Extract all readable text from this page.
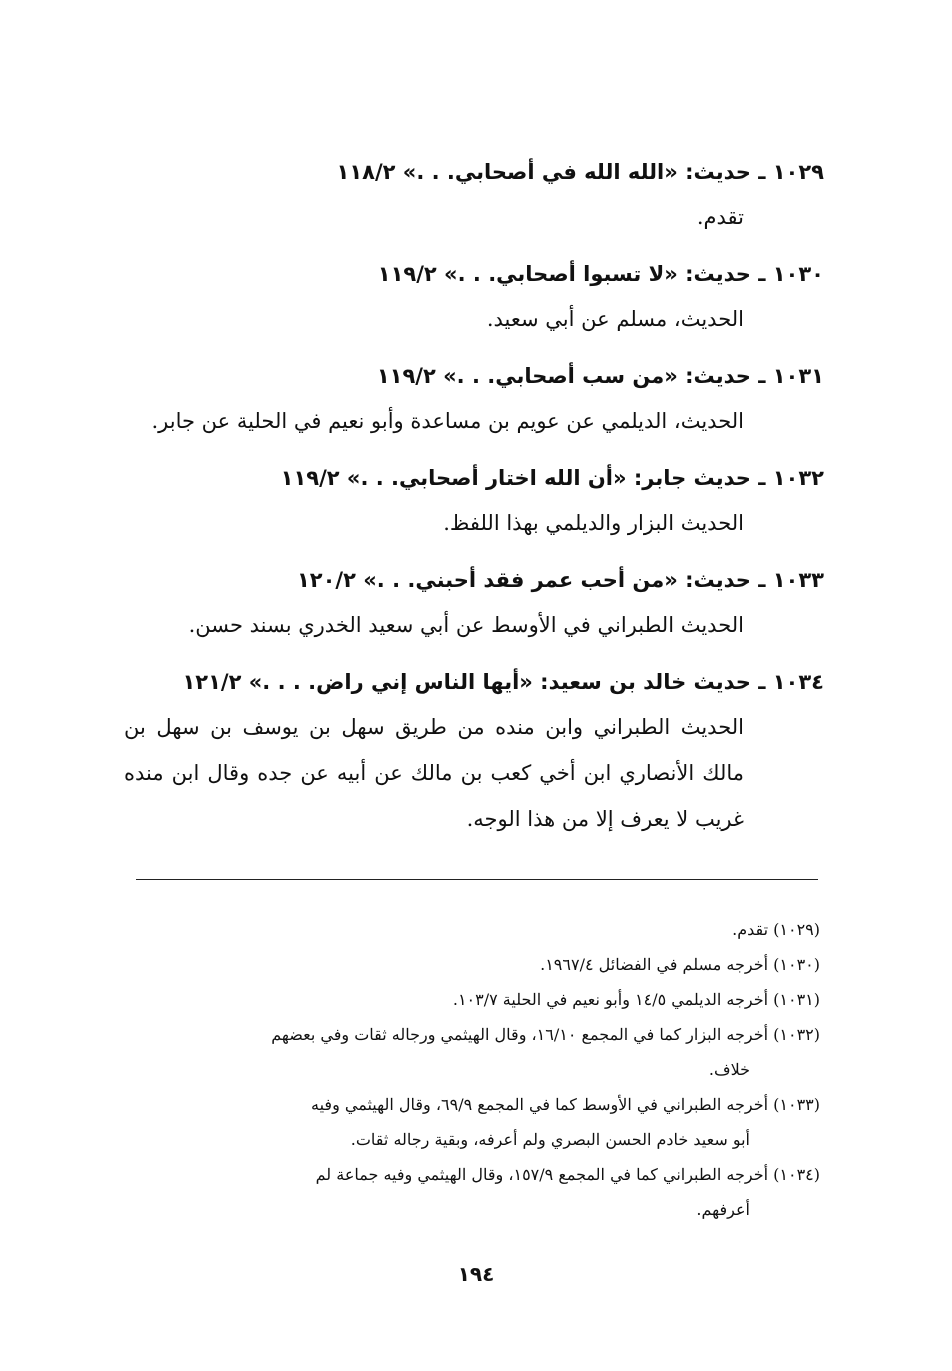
١٠٢٩ ـ حديث: «الله الله في أصحابي. . .» ١١٨/٢
تقدم.
١٠٣٠ ـ حديث: «لا تسبوا أصحابي. . .» ١١٩/٢
الحديث، مسلم عن أبي سعيد.
١٠٣١ ـ حديث: «من سب أصحابي. . .» ١١٩/٢
الحديث، الديلمي عن عويم بن مساعدة وأبو نعيم في الحلية عن جابر.
١٠٣٢ ـ حديث جابر: «أن الله اختار أصحابي. . .» ١١٩/٢
الحديث البزار والديلمي بهذا اللفظ.
١٠٣٣ ـ حديث: «من أحب عمر فقد أحبني. . .» ١٢٠/٢
الحديث الطبراني في الأوسط عن أبي سعيد الخدري بسند حسن.
١٠٣٤ ـ حديث خالد بن سعيد: «أيها الناس إني راض. . . .» ١٢١/٢
الحديث الطبراني وابن منده من طريق سهل بن يوسف بن سهل بن مالك الأنصاري ابن أخي كعب بن مالك عن أبيه عن جده وقال ابن منده غريب لا يعرف إلا من هذا الوجه.
(١٠٢٩) تقدم.
(١٠٣٠) أخرجه مسلم في الفضائل ١٩٦٧/٤.
(١٠٣١) أخرجه الديلمي ١٤/٥ وأبو نعيم في الحلية ١٠٣/٧.
(١٠٣٢) أخرجه البزار كما في المجمع ١٦/١٠، وقال الهيثمي ورجاله ثقات وفي بعضهم
خلاف.
(١٠٣٣) أخرجه الطبراني في الأوسط كما في المجمع ٦٩/٩، وقال الهيثمي وفيه
أبو سعيد خادم الحسن البصري ولم أعرفه، وبقية رجاله ثقات.
(١٠٣٤) أخرجه الطبراني كما في المجمع ١٥٧/٩، وقال الهيثمي وفيه جماعة لم
أعرفهم.
١٩٤
